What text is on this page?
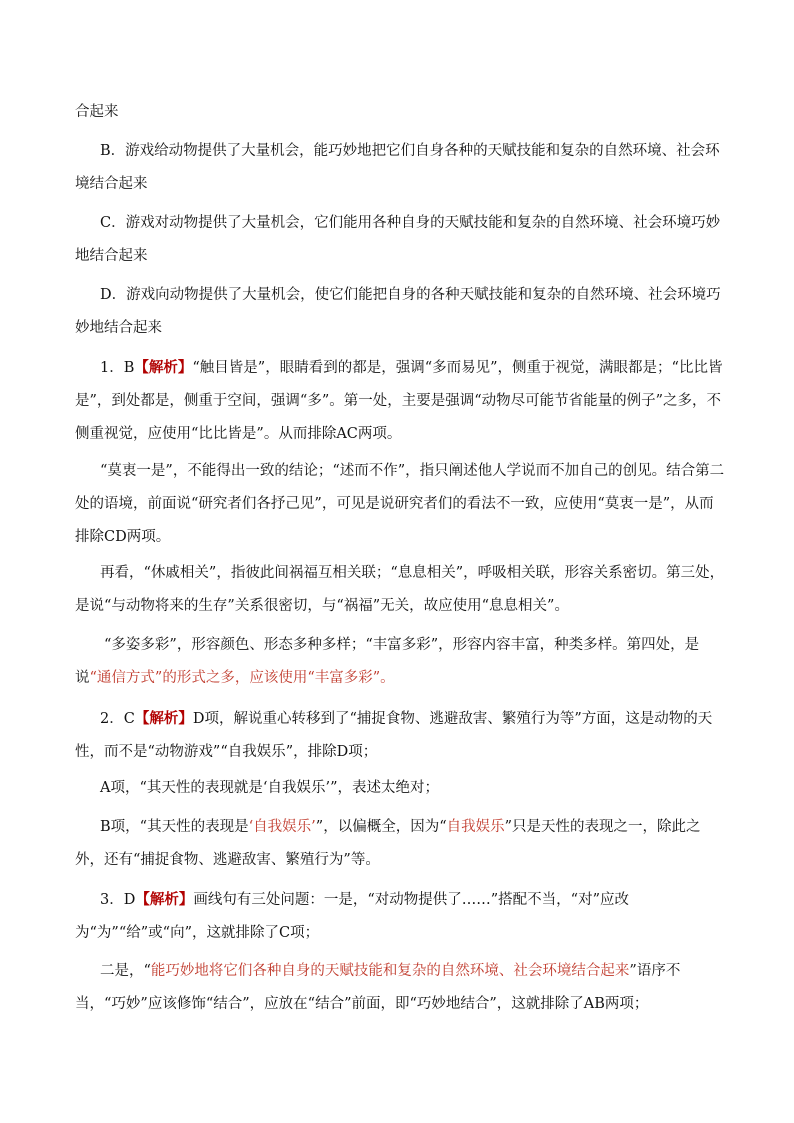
合起来
B．游戏给动物提供了大量机会，能巧妙地把它们自身各种的天赋技能和复杂的自然环境、社会环境结合起来
C．游戏对动物提供了大量机会，它们能用各种自身的天赋技能和复杂的自然环境、社会环境巧妙地结合起来
D．游戏向动物提供了大量机会，使它们能把自身的各种天赋技能和复杂的自然环境、社会环境巧妙地结合起来
1．B【解析】“触目皆是”，眼睛看到的都是，强调“多而易见”，侧重于视觉，满眼都是；“比比皆是”，到处都是，侧重于空间，强调“多”。第一处，主要是强调“动物尽可能节省能量的例子”之多，不侧重视觉，应使用“比比皆是”。从而排除AC两项。
“莫衷一是”，不能得出一致的结论；“述而不作”，指只阐述他人学说而不加自己的创见。结合第二处的语境，前面说“研究者们各抒己见”，可见是说研究者们的看法不一致，应使用“莫衷一是”，从而排除CD两项。
再看，“休戚相关”，指彼此间祸福互相关联；“息息相关”，呼吸相关联，形容关系密切。第三处，是说“与动物将来的生存”关系很密切，与“祸福”无关，故应使用“息息相关”。
“多姿多彩”，形容颜色、形态多种多样；“丰富多彩”，形容内容丰富，种类多样。第四处，是说“通信方式”的形式之多，应该使用“丰富多彩”。
2．C【解析】D项，解说重心转移到了“捕捉食物、逃避敌害、繁殖行为等”方面，这是动物的天性，而不是“动物游戏”“自我娱乐”，排除D项；
A项，“其天性的表现就是‘自我娱乐’”，表述太绝对；
B项，“其天性的表现是‘自我娱乐’”，以偏概全，因为“自我娱乐”只是天性的表现之一，除此之外，还有“捕捉食物、逃避敌害、繁殖行为”等。
3．D【解析】画线句有三处问题：一是，“对动物提供了……”搭配不当，“对”应改为“为”“给”或“向”，这就排除了C项；
二是，“能巧妙地将它们各种自身的天赋技能和复杂的自然环境、社会环境结合起来”语序不当，“巧妙”应该修饰“结合”，应放在“结合”前面，即“巧妙地结合”，这就排除了AB两项；
